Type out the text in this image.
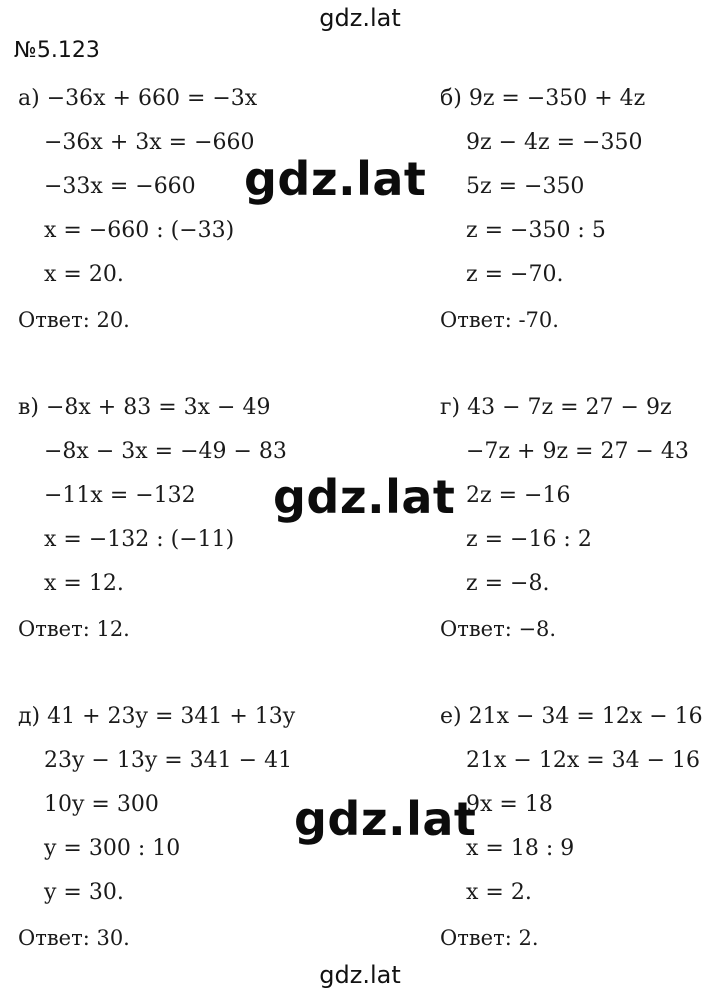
gdz.lat
№5.123
а) −36x + 660 = −3x
−36x + 3x = −660
−33x = −660
x = −660 : (−33)
x = 20.
Ответ: 20.
б) 9z = −350 + 4z
9z − 4z = −350
5z = −350
z = −350 : 5
z = −70.
Ответ: -70.
в) −8x + 83 = 3x − 49
−8x − 3x = −49 − 83
−11x = −132
x = −132 : (−11)
x = 12.
Ответ: 12.
г) 43 − 7z = 27 − 9z
−7z + 9z = 27 − 43
2z = −16
z = −16 : 2
z = −8.
Ответ: −8.
д) 41 + 23y = 341 + 13y
23y − 13y = 341 − 41
10y = 300
y = 300 : 10
y = 30.
Ответ: 30.
е) 21x − 34 = 12x − 16
21x − 12x = 34 − 16
9x = 18
x = 18 : 9
x = 2.
Ответ: 2.
gdz.lat
gdz.lat
gdz.lat
gdz.lat
